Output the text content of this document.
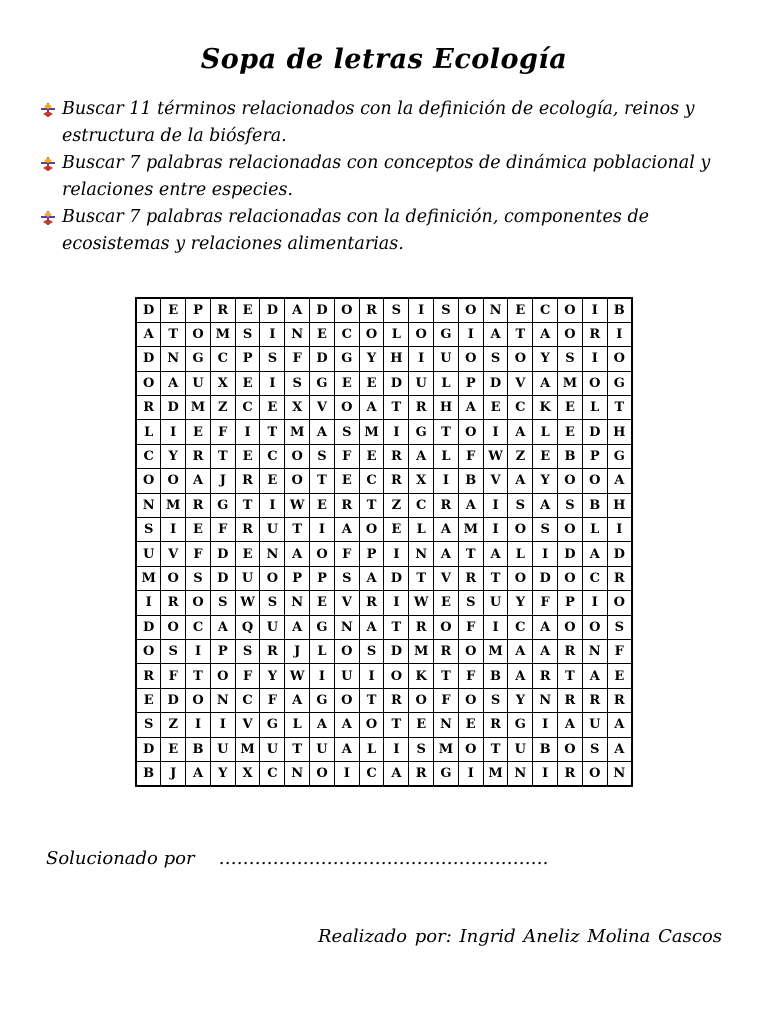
Sopa de letras Ecología
Buscar 11 términos relacionados con la definición de ecología, reinos y estructura de la biósfera.
Buscar 7 palabras relacionadas con conceptos de dinámica poblacional y relaciones entre especies.
Buscar 7 palabras relacionadas con la definición, componentes de ecosistemas y relaciones alimentarias.
D	E	P	R	E	D	A	D	O	R	S	I	S	O	N	E	C	O	I	B
A	T	O	M	S	I	N	E	C	O	L	O	G	I	A	T	A	O	R	I
D	N	G	C	P	S	F	D	G	Y	H	I	U	O	S	O	Y	S	I	O
O	A	U	X	E	I	S	G	E	E	D	U	L	P	D	V	A	M	O	G
R	D	M	Z	C	E	X	V	O	A	T	R	H	A	E	C	K	E	L	T
L	I	E	F	I	T	M	A	S	M	I	G	T	O	I	A	L	E	D	H
C	Y	R	T	E	C	O	S	F	E	R	A	L	F	W	Z	E	B	P	G
O	O	A	J	R	E	O	T	E	C	R	X	I	B	V	A	Y	O	O	A
N	M	R	G	T	I	W	E	R	T	Z	C	R	A	I	S	A	S	B	H
S	I	E	F	R	U	T	I	A	O	E	L	A	M	I	O	S	O	L	I
U	V	F	D	E	N	A	O	F	P	I	N	A	T	A	L	I	D	A	D
M	O	S	D	U	O	P	P	S	A	D	T	V	R	T	O	D	O	C	R
I	R	O	S	W	S	N	E	V	R	I	W	E	S	U	Y	F	P	I	O
D	O	C	A	Q	U	A	G	N	A	T	R	O	F	I	C	A	O	O	S
O	S	I	P	S	R	J	L	O	S	D	M	R	O	M	A	A	R	N	F
R	F	T	O	F	Y	W	I	U	I	O	K	T	F	B	A	R	T	A	E
E	D	O	N	C	F	A	G	O	T	R	O	F	O	S	Y	N	R	R	R
S	Z	I	I	V	G	L	A	A	O	T	E	N	E	R	G	I	A	U	A
D	E	B	U	M	U	T	U	A	L	I	S	M	O	T	U	B	O	S	A
B	J	A	Y	X	C	N	O	I	C	A	R	G	I	M	N	I	R	O	N
Solucionado por ……………………………………………….
Realizado por: Ingrid Aneliz Molina Cascos
